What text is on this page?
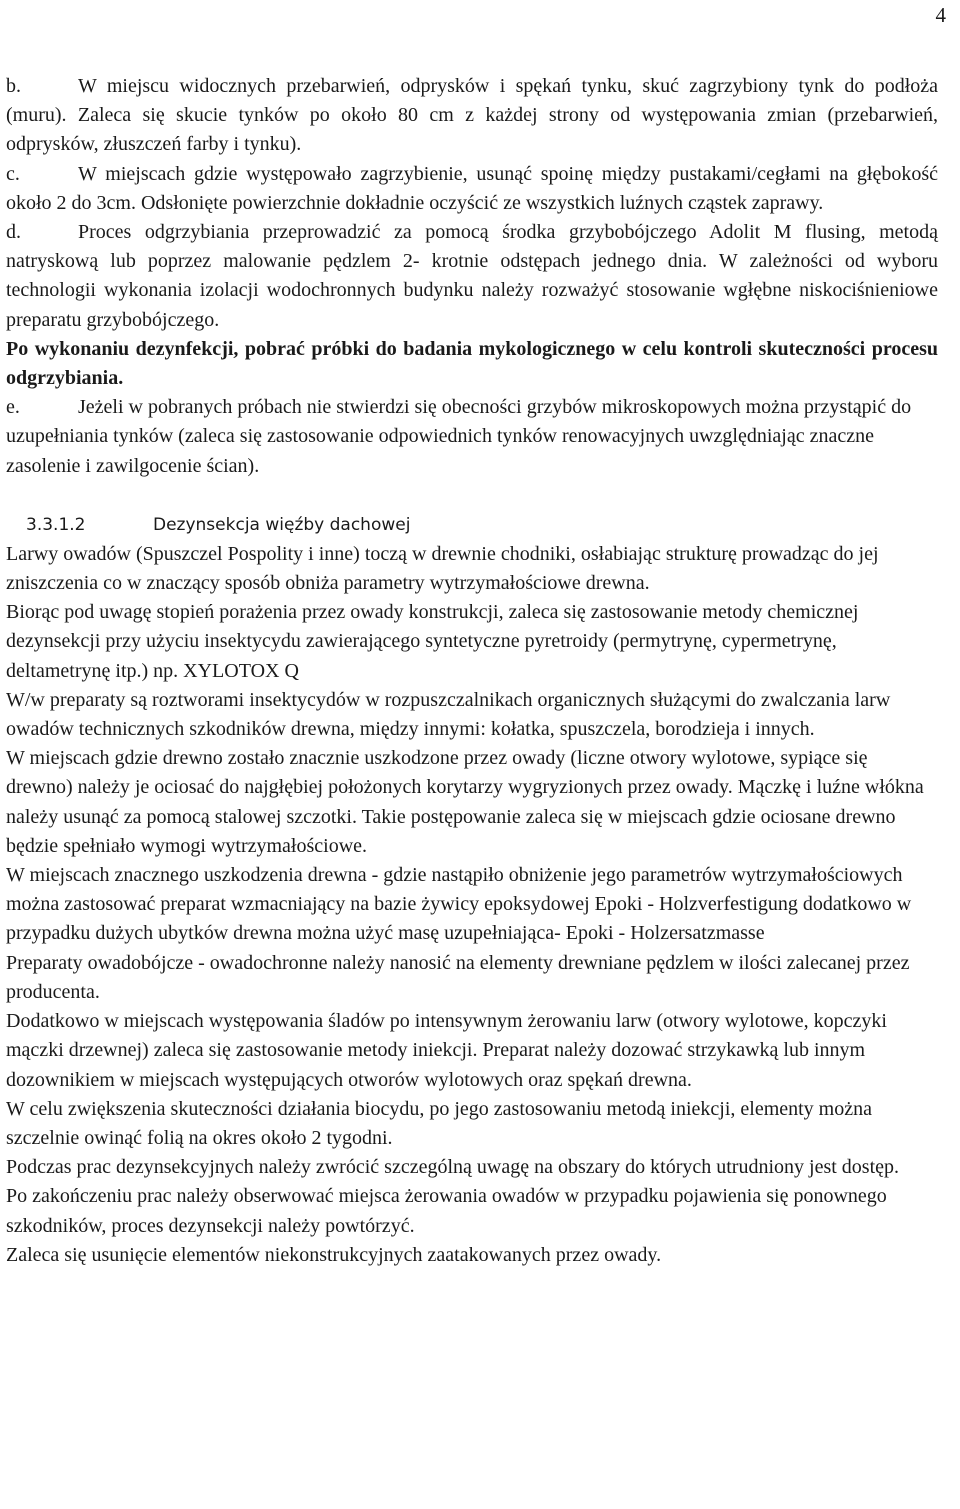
4

b.	W miejscu widocznych przebarwień, odprysków i spękań tynku, skuć zagrzybiony tynk do podłoża (muru). Zaleca się skucie tynków po około 80 cm z każdej strony od występowania zmian (przebarwień, odprysków, złuszczeń farby i tynku).

c.	W miejscach gdzie występowało zagrzybienie, usunąć spoinę między pustakami/cegłami na głębokość około 2 do 3cm. Odsłonięte powierzchnie dokładnie oczyścić ze wszystkich luźnych cząstek zaprawy.

d.	Proces odgrzybiania przeprowadzić za pomocą środka grzybobójczego Adolit M flusing, metodą natryskową lub poprzez malowanie pędzlem 2- krotnie odstępach jednego dnia. W zależności od wyboru technologii wykonania izolacji wodochronnych budynku należy rozważyć stosowanie wgłębne niskociśnieniowe preparatu grzybobójczego.

Po wykonaniu dezynfekcji, pobrać próbki do badania mykologicznego w celu kontroli skuteczności procesu odgrzybiania.

e.	Jeżeli w pobranych próbach nie stwierdzi się obecności grzybów mikroskopowych można przystąpić do uzupełniania tynków (zaleca się zastosowanie odpowiednich tynków renowacyjnych uwzględniając znaczne zasolenie i zawilgocenie ścian).

3.3.1.2	Dezynsekcja więźby dachowej

Larwy owadów (Spuszczel Pospolity i inne) toczą w drewnie chodniki, osłabiając strukturę prowadząc do jej zniszczenia co w znaczący sposób obniża parametry wytrzymałościowe drewna.

Biorąc pod uwagę stopień porażenia przez owady konstrukcji, zaleca się zastosowanie metody chemicznej dezynsekcji przy użyciu insektycydu zawierającego syntetyczne pyretroidy (permytrynę, cypermetrynę, deltametrynę itp.) np. XYLOTOX Q

W/w preparaty są roztworami insektycydów w rozpuszczalnikach organicznych służącymi do zwalczania larw owadów technicznych szkodników drewna, między innymi: kołatka, spuszczela, borodzieja i innych.

W miejscach gdzie drewno zostało znacznie uszkodzone przez owady (liczne otwory wylotowe, sypiące się drewno) należy je ociosać do najgłębiej położonych korytarzy wygryzionych przez owady. Mączkę i luźne włókna należy usunąć za pomocą stalowej szczotki. Takie postępowanie zaleca się w miejscach gdzie ociosane drewno będzie spełniało wymogi wytrzymałościowe.

W miejscach znacznego uszkodzenia drewna - gdzie nastąpiło obniżenie jego parametrów wytrzymałościowych można zastosować preparat wzmacniający na bazie żywicy epoksydowej Epoki - Holzverfestigung dodatkowo w przypadku dużych ubytków drewna można użyć masę uzupełniająca- Epoki - Holzersatzmasse

Preparaty owadobójcze - owadochronne należy nanosić na elementy drewniane pędzlem w ilości zalecanej przez producenta.

Dodatkowo w miejscach występowania śladów po intensywnym żerowaniu larw (otwory wylotowe, kopczyki mączki drzewnej) zaleca się zastosowanie metody iniekcji. Preparat należy dozować strzykawką lub innym dozownikiem w miejscach występujących otworów wylotowych oraz spękań drewna.

W celu zwiększenia skuteczności działania biocydu, po jego zastosowaniu metodą iniekcji, elementy można szczelnie owinąć folią na okres około 2 tygodni.

Podczas prac dezynsekcyjnych należy zwrócić szczególną uwagę na obszary do których utrudniony jest dostęp.

Po zakończeniu prac należy obserwować miejsca żerowania owadów w przypadku pojawienia się ponownego szkodników, proces dezynsekcji należy powtórzyć.

Zaleca się usunięcie elementów niekonstrukcyjnych zaatakowanych przez owady.
